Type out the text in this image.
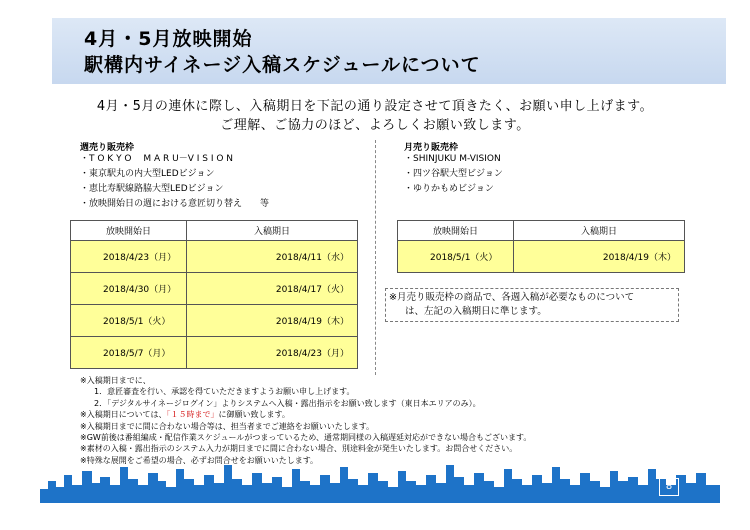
4月・5月放映開始
駅構内サイネージ入稿スケジュールについて
4月・5月の連休に際し、入稿期日を下記の通り設定させて頂きたく、お願い申し上げます。
ご理解、ご協力のほど、よろしくお願い致します。
週売り販売枠
・T O K Y O　 M A R U－V I S I O N
・東京駅丸の内大型LEDビジョン
・恵比寿駅線路脇大型LEDビジョン
・放映開始日の週における意匠切り替え　　等
放映開始日	入稿期日
2018/4/23（月）	2018/4/11（水）
2018/4/30（月）	2018/4/17（火）
2018/5/1（火）	2018/4/19（木）
2018/5/7（月）	2018/4/23（月）
月売り販売枠
・SHINJUKU M-VISION
・四ツ谷駅大型ビジョン
・ゆりかもめビジョン
放映開始日	入稿期日
2018/5/1（火）	2018/4/19（木）
※月売り販売枠の商品で、各週入稿が必要なものについて
は、左記の入稿期日に準じます。
※入稿期日までに、
1．意匠審査を行い、承認を得ていただきますようお願い申し上げます。
2．「デジタルサイネージログイン」よりシステムへ入稿・露出指示をお願い致します（東日本エリアのみ）。
※入稿期日については、「１５時まで」に御願い致します。
※入稿期日までに間に合わない場合等は、担当者までご連絡をお願いいたします。
※GW前後は番組編成・配信作業スケジュールがつまっているため、通常期同様の入稿遅延対応ができない場合もございます。
※素材の入稿・露出指示のシステム入力が期日までに間に合わない場合、別途料金が発生いたします。お問合せください。
※特殊な展開をご希望の場合、必ずお問合せをお願いいたします。
8
